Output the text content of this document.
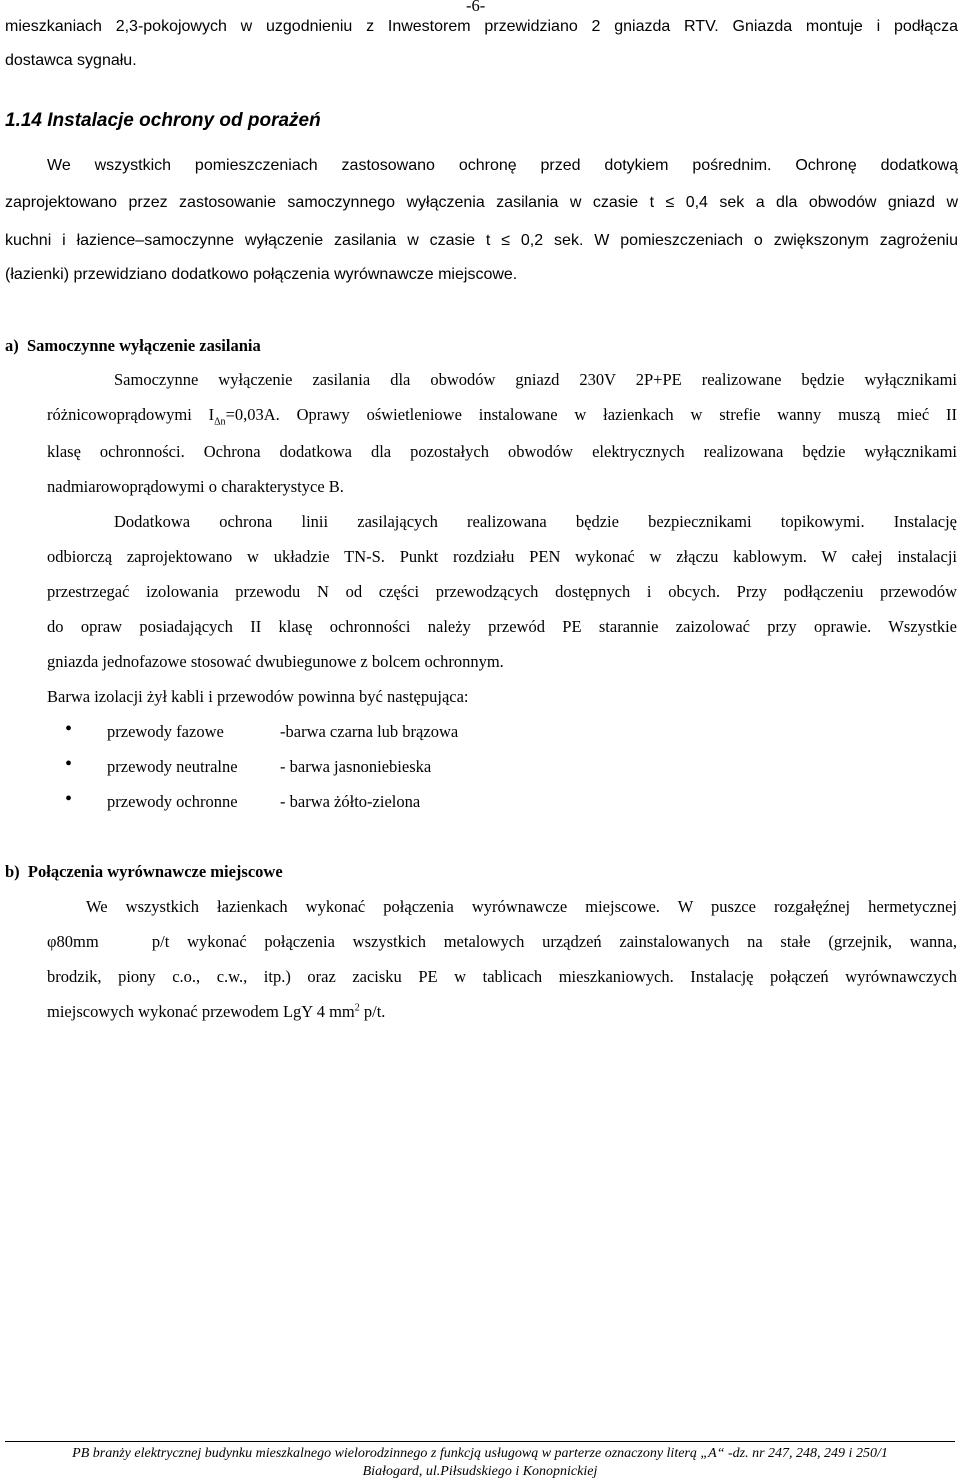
-6-
mieszkaniach 2,3-pokojowych w uzgodnieniu z Inwestorem przewidziano 2 gniazda RTV. Gniazda montuje i podłącza
dostawca sygnału.
1.14 Instalacje ochrony od porażeń
We wszystkich pomieszczeniach zastosowano ochronę przed dotykiem pośrednim. Ochronę dodatkową
zaprojektowano przez zastosowanie samoczynnego wyłączenia zasilania w czasie t ≤ 0,4 sek a dla obwodów gniazd w
kuchni i łazience–samoczynne wyłączenie zasilania w czasie t ≤ 0,2 sek. W pomieszczeniach o zwiększonym zagrożeniu
(łazienki) przewidziano dodatkowo połączenia wyrównawcze miejscowe.
a)  Samoczynne wyłączenie zasilania
Samoczynne wyłączenie zasilania dla obwodów gniazd 230V 2P+PE realizowane będzie wyłącznikami
różnicowoprądowymi $I_{\Delta n}=0,03A$. Oprawy oświetleniowe instalowane w łazienkach w strefie wanny muszą mieć II
klasę ochronności. Ochrona dodatkowa dla pozostałych obwodów elektrycznych realizowana będzie wyłącznikami
nadmiarowoprądowymi o charakterystyce B.
Dodatkowa ochrona linii zasilających realizowana będzie bezpiecznikami topikowymi. Instalację
odbiorczą zaprojektowano w układzie TN-S. Punkt rozdziału PEN wykonać w złączu kablowym. W całej instalacji
przestrzegać izolowania przewodu N od części przewodzących dostępnych i obcych. Przy podłączeniu przewodów
do opraw posiadających II klasę ochronności należy przewód PE starannie zaizolować przy oprawie. Wszystkie
gniazda jednofazowe stosować dwubiegunowe z bolcem ochronnym.
Barwa izolacji żył kabli i przewodów powinna być następująca:
• przewody fazowe	-barwa czarna lub brązowa
• przewody neutralne	- barwa jasnoniebieska
• przewody ochronne	- barwa żółto-zielona
b)  Połączenia wyrównawcze miejscowe
We wszystkich łazienkach wykonać połączenia wyrównawcze miejscowe. W puszce rozgałęźnej hermetycznej
φ80mm   p/t wykonać połączenia wszystkich metalowych urządzeń zainstalowanych na stałe (grzejnik, wanna,
brodzik, piony c.o., c.w., itp.) oraz zacisku PE w tablicach mieszkaniowych. Instalację połączeń wyrównawczych
miejscowych wykonać przewodem LgY 4 $mm^2$ p/t.
PB branży elektrycznej budynku mieszkalnego wielorodzinnego z funkcją usługową w parterze oznaczony literą „A“ -dz. nr 247, 248, 249 i 250/1
Białogard, ul.Piłsudskiego i Konopnickiej
